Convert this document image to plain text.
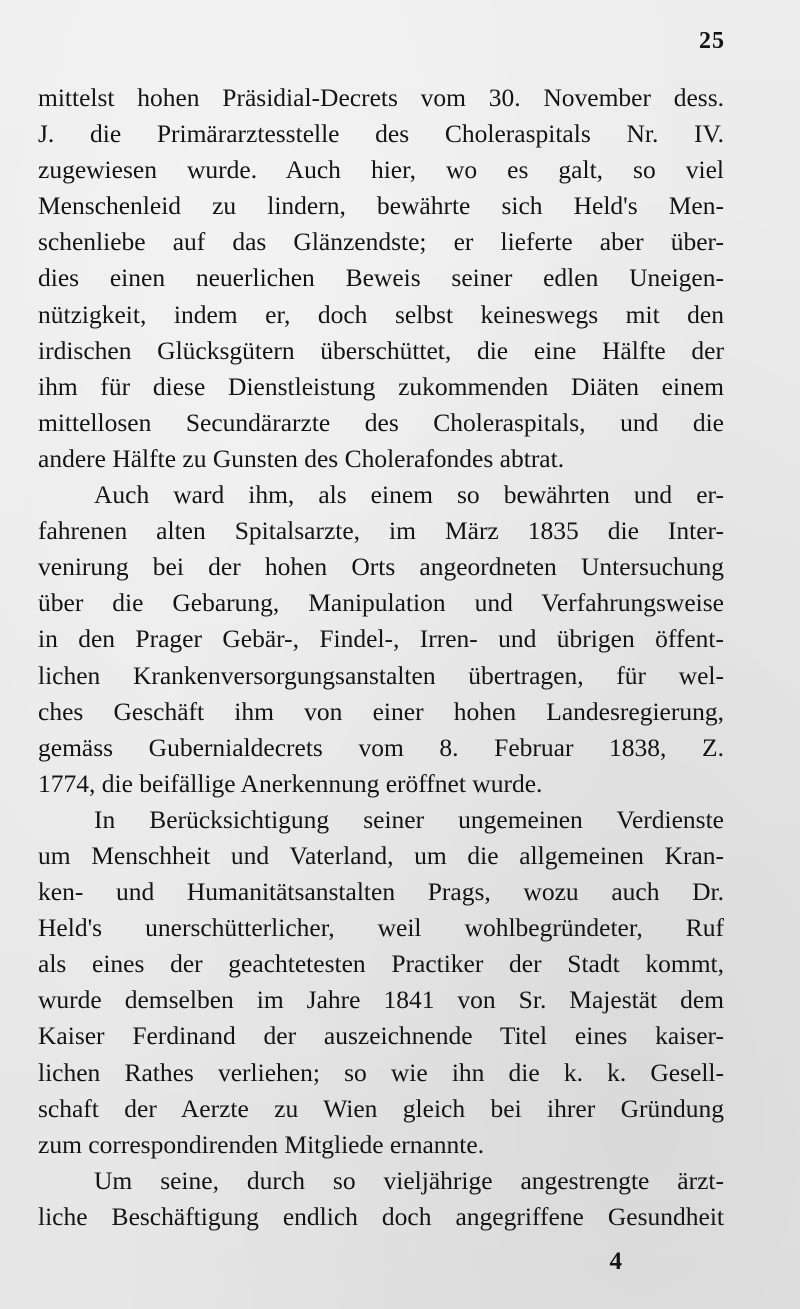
25
mittelst hohen Präsidial-Decrets vom 30. November dess.
J. die Primärarztesstelle des Choleraspitals Nr. IV.
zugewiesen wurde. Auch hier, wo es galt, so viel
Menschenleid zu lindern, bewährte sich Held's Men-
schenliebe auf das Glänzendste; er lieferte aber über-
dies einen neuerlichen Beweis seiner edlen Uneigen-
nützigkeit, indem er, doch selbst keineswegs mit den
irdischen Glücksgütern überschüttet, die eine Hälfte der
ihm für diese Dienstleistung zukommenden Diäten einem
mittellosen Secundärarzte des Choleraspitals, und die
andere Hälfte zu Gunsten des Cholerafondes abtrat.
Auch ward ihm, als einem so bewährten und er-
fahrenen alten Spitalsarzte, im März 1835 die Inter-
venirung bei der hohen Orts angeordneten Untersuchung
über die Gebarung, Manipulation und Verfahrungsweise
in den Prager Gebär-, Findel-, Irren- und übrigen öffent-
lichen Krankenversorgungsanstalten übertragen, für wel-
ches Geschäft ihm von einer hohen Landesregierung,
gemäss Gubernialdecrets vom 8. Februar 1838, Z.
1774, die beifällige Anerkennung eröffnet wurde.
In Berücksichtigung seiner ungemeinen Verdienste
um Menschheit und Vaterland, um die allgemeinen Kran-
ken- und Humanitätsanstalten Prags, wozu auch Dr.
Held's unerschütterlicher, weil wohlbegründeter, Ruf
als eines der geachtetesten Practiker der Stadt kommt,
wurde demselben im Jahre 1841 von Sr. Majestät dem
Kaiser Ferdinand der auszeichnende Titel eines kaiser-
lichen Rathes verliehen; so wie ihn die k. k. Gesell-
schaft der Aerzte zu Wien gleich bei ihrer Gründung
zum correspondirenden Mitgliede ernannte.
Um seine, durch so vieljährige angestrengte ärzt-
liche Beschäftigung endlich doch angegriffene Gesundheit
4
